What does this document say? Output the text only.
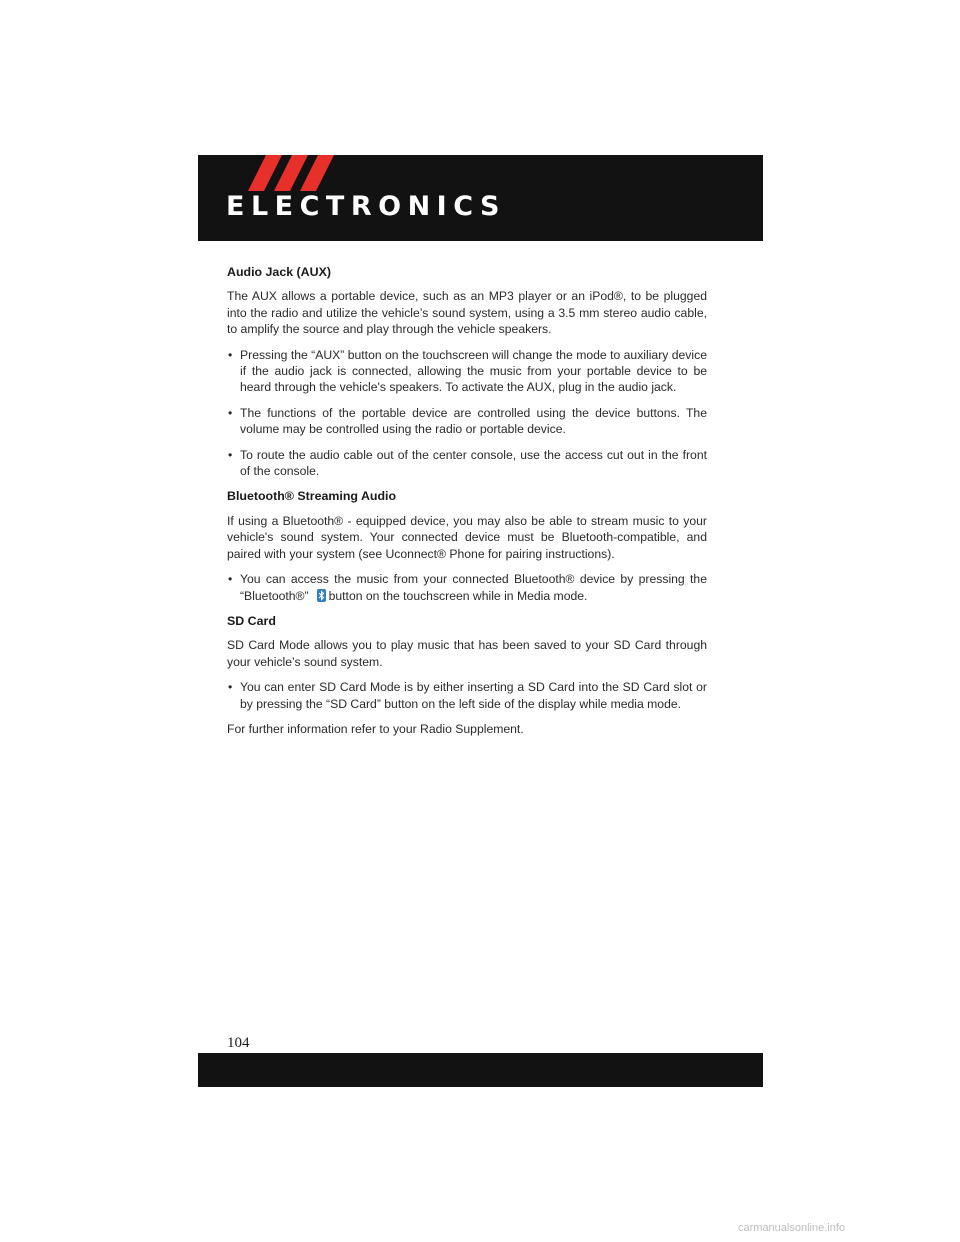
ELECTRONICS
Audio Jack (AUX)

The AUX allows a portable device, such as an MP3 player or an iPod®, to be plugged into the radio and utilize the vehicle’s sound system, using a 3.5 mm stereo audio cable, to amplify the source and play through the vehicle speakers.

• Pressing the “AUX” button on the touchscreen will change the mode to auxiliary device if the audio jack is connected, allowing the music from your portable device to be heard through the vehicle's speakers. To activate the AUX, plug in the audio jack.
• The functions of the portable device are controlled using the device buttons. The volume may be controlled using the radio or portable device.
• To route the audio cable out of the center console, use the access cut out in the front of the console.
Bluetooth® Streaming Audio

If using a Bluetooth® - equipped device, you may also be able to stream music to your vehicle's sound system. Your connected device must be Bluetooth-compatible, and paired with your system (see Uconnect® Phone for pairing instructions).

• You can access the music from your connected Bluetooth® device by pressing the “Bluetooth®” button on the touchscreen while in Media mode.
SD Card

SD Card Mode allows you to play music that has been saved to your SD Card through your vehicle’s sound system.

• You can enter SD Card Mode is by either inserting a SD Card into the SD Card slot or by pressing the “SD Card” button on the left side of the display while media mode.

For further information refer to your Radio Supplement.

104
carmanualsonline.info
